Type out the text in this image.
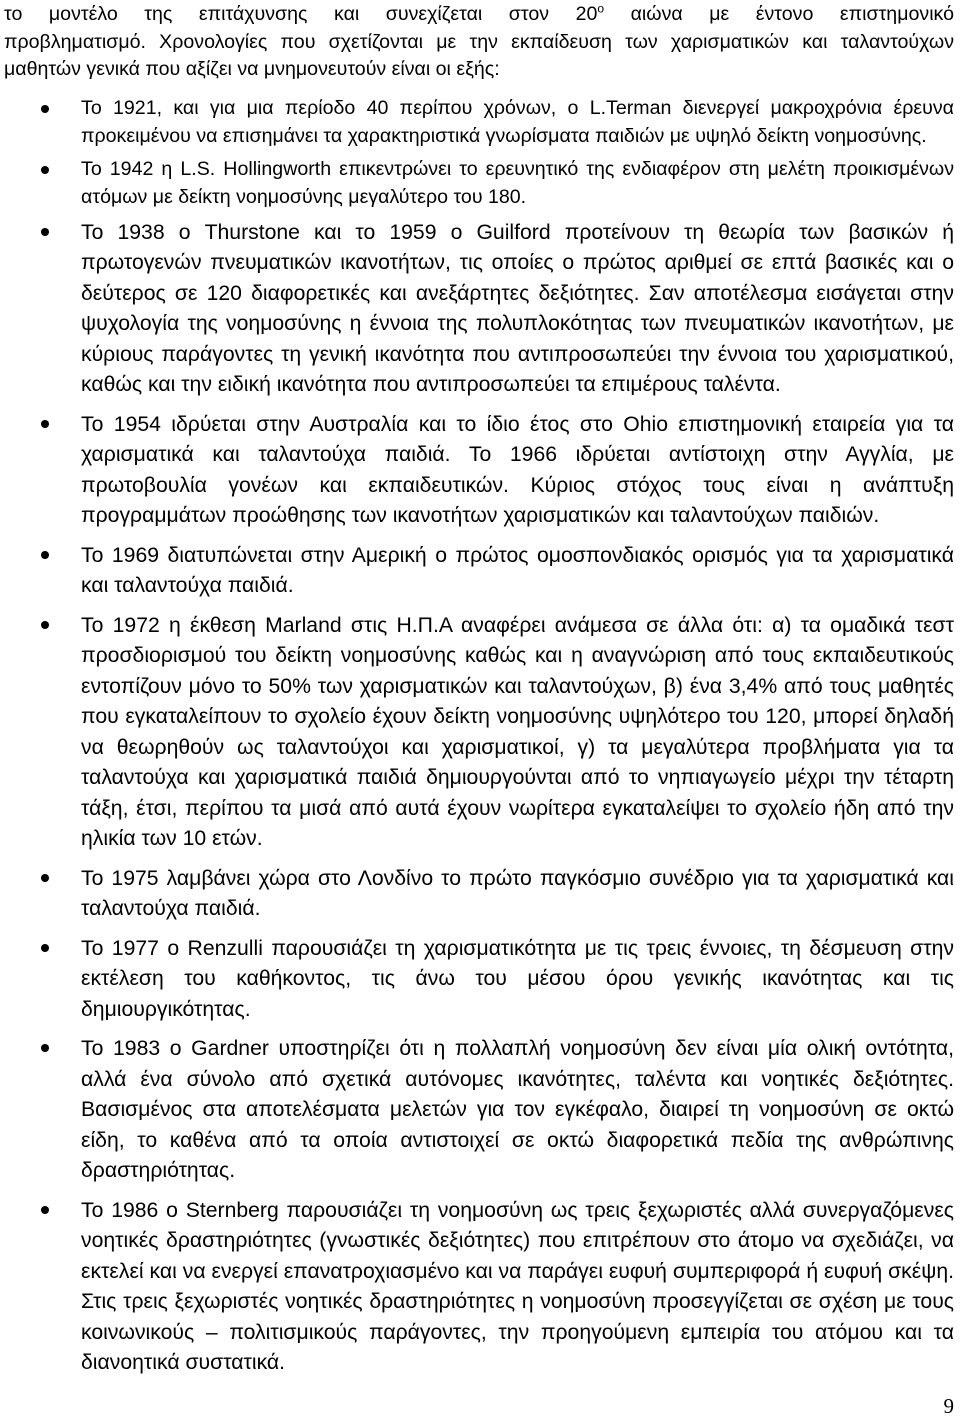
το μοντέλο της επιτάχυνσης και συνεχίζεται στον $20^o$ αιώνα με έντονο επιστημονικό
προβληματισμό. Χρονολογίες που σχετίζονται με την εκπαίδευση των χαρισματικών και ταλαντούχων μαθητών γενικά που αξίζει να μνημονευτούν είναι οι εξής:
Το 1921, και για μια περίοδο 40 περίπου χρόνων, ο L.Terman διενεργεί μακροχρόνια έρευνα προκειμένου να επισημάνει τα χαρακτηριστικά γνωρίσματα παιδιών με υψηλό δείκτη νοημοσύνης.
Το 1942 η L.S. Hollingworth επικεντρώνει το ερευνητικό της ενδιαφέρον στη μελέτη προικισμένων ατόμων με δείκτη νοημοσύνης μεγαλύτερο του 180.
Το 1938 ο Thurstone και το 1959 ο Guilford προτείνουν τη θεωρία των βασικών ή πρωτογενών πνευματικών ικανοτήτων, τις οποίες ο πρώτος αριθμεί σε επτά βασικές και ο δεύτερος σε 120 διαφορετικές και ανεξάρτητες δεξιότητες. Σαν αποτέλεσμα εισάγεται στην ψυχολογία της νοημοσύνης η έννοια της πολυπλοκότητας των πνευματικών ικανοτήτων, με κύριους παράγοντες τη γενική ικανότητα που αντιπροσωπεύει την έννοια του χαρισματικού, καθώς και την ειδική ικανότητα που αντιπροσωπεύει τα επιμέρους ταλέντα.
Το 1954 ιδρύεται στην Αυστραλία και το ίδιο έτος στο Ohio επιστημονική εταιρεία για τα χαρισματικά και ταλαντούχα παιδιά. Το 1966 ιδρύεται αντίστοιχη στην Αγγλία, με πρωτοβουλία γονέων και εκπαιδευτικών. Κύριος στόχος τους είναι η ανάπτυξη προγραμμάτων προώθησης των ικανοτήτων χαρισματικών και ταλαντούχων παιδιών.
Το 1969 διατυπώνεται στην Αμερική ο πρώτος ομοσπονδιακός ορισμός για τα χαρισματικά και ταλαντούχα παιδιά.
Το 1972 η έκθεση Marland στις Η.Π.Α αναφέρει ανάμεσα σε άλλα ότι: α) τα ομαδικά τεστ προσδιορισμού του δείκτη νοημοσύνης καθώς και η αναγνώριση από τους εκπαιδευτικούς εντοπίζουν μόνο το 50% των χαρισματικών και ταλαντούχων, β) ένα 3,4% από τους μαθητές που εγκαταλείπουν το σχολείο έχουν δείκτη νοημοσύνης υψηλότερο του 120, μπορεί δηλαδή να θεωρηθούν ως ταλαντούχοι και χαρισματικοί, γ) τα μεγαλύτερα προβλήματα για τα ταλαντούχα και χαρισματικά παιδιά δημιουργούνται από το νηπιαγωγείο μέχρι την τέταρτη τάξη, έτσι, περίπου τα μισά από αυτά έχουν νωρίτερα εγκαταλείψει το σχολείο ήδη από την ηλικία των 10 ετών.
Το 1975 λαμβάνει χώρα στο Λονδίνο το πρώτο παγκόσμιο συνέδριο για τα χαρισματικά και ταλαντούχα παιδιά.
Το 1977 ο Renzulli παρουσιάζει τη χαρισματικότητα με τις τρεις έννοιες, τη δέσμευση στην εκτέλεση του καθήκοντος, τις άνω του μέσου όρου γενικής ικανότητας και τις δημιουργικότητας.
Το 1983 ο Gardner υποστηρίζει ότι η πολλαπλή νοημοσύνη δεν είναι μία ολική οντότητα, αλλά ένα σύνολο από σχετικά αυτόνομες ικανότητες, ταλέντα και νοητικές δεξιότητες. Βασισμένος στα αποτελέσματα μελετών για τον εγκέφαλο, διαιρεί τη νοημοσύνη σε οκτώ είδη, το καθένα από τα οποία αντιστοιχεί σε οκτώ διαφορετικά πεδία της ανθρώπινης δραστηριότητας.
Το 1986 ο Sternberg παρουσιάζει τη νοημοσύνη ως τρεις ξεχωριστές αλλά συνεργαζόμενες νοητικές δραστηριότητες (γνωστικές δεξιότητες) που επιτρέπουν στο άτομο να σχεδιάζει, να εκτελεί και να ενεργεί επανατροχιασμένο και να παράγει ευφυή συμπεριφορά ή ευφυή σκέψη. Στις τρεις ξεχωριστές νοητικές δραστηριότητες η νοημοσύνη προσεγγίζεται σε σχέση με τους κοινωνικούς – πολιτισμικούς παράγοντες, την προηγούμενη εμπειρία του ατόμου και τα διανοητικά συστατικά.
9
